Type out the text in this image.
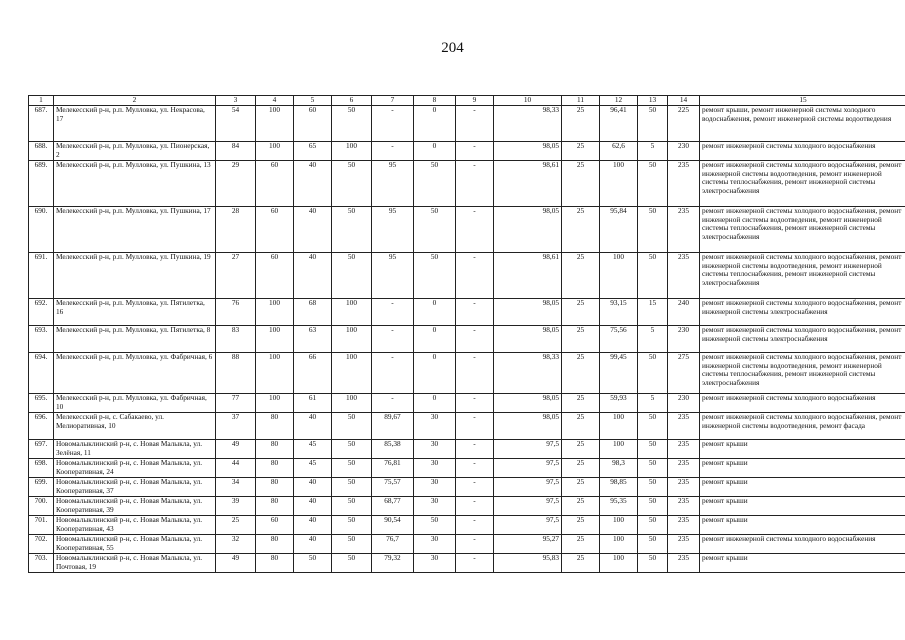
204
1	2	3	4	5	6	7	8	9	10	11	12	13	14	15
687.	Мелекесский р-н, р.п. Мулловка, ул. Некрасова, 17	54	100	60	50	-	0	-	98,33	25	96,41	50	225	ремонт крыши, ремонт инженерной системы холодного водоснабжения, ремонт инженерной системы водоотведения
688.	Мелекесский р-н, р.п. Мулловка, ул. Пионерская, 2	84	100	65	100	-	0	-	98,05	25	62,6	5	230	ремонт инженерной системы холодного водоснабжения
689.	Мелекесский р-н, р.п. Мулловка, ул. Пушкина, 13	29	60	40	50	95	50	-	98,61	25	100	50	235	ремонт инженерной системы холодного водоснабжения, ремонт инженерной системы водоотведения, ремонт инженерной системы теплоснабжения, ремонт инженерной системы электроснабжения
690.	Мелекесский р-н, р.п. Мулловка, ул. Пушкина, 17	28	60	40	50	95	50	-	98,05	25	95,84	50	235	ремонт инженерной системы холодного водоснабжения, ремонт инженерной системы водоотведения, ремонт инженерной системы теплоснабжения, ремонт инженерной системы электроснабжения
691.	Мелекесский р-н, р.п. Мулловка, ул. Пушкина, 19	27	60	40	50	95	50	-	98,61	25	100	50	235	ремонт инженерной системы холодного водоснабжения, ремонт инженерной системы водоотведения, ремонт инженерной системы теплоснабжения, ремонт инженерной системы электроснабжения
692.	Мелекесский р-н, р.п. Мулловка, ул. Пятилетка, 16	76	100	68	100	-	0	-	98,05	25	93,15	15	240	ремонт инженерной системы холодного водоснабжения, ремонт инженерной системы электроснабжения
693.	Мелекесский р-н, р.п. Мулловка, ул. Пятилетка, 8	83	100	63	100	-	0	-	98,05	25	75,56	5	230	ремонт инженерной системы холодного водоснабжения, ремонт инженерной системы электроснабжения
694.	Мелекесский р-н, р.п. Мулловка, ул. Фабричная, 6	88	100	66	100	-	0	-	98,33	25	99,45	50	275	ремонт инженерной системы холодного водоснабжения, ремонт инженерной системы водоотведения, ремонт инженерной системы теплоснабжения, ремонт инженерной системы электроснабжения
695.	Мелекесский р-н, р.п. Мулловка, ул. Фабричная, 10	77	100	61	100	-	0	-	98,05	25	59,93	5	230	ремонт инженерной системы холодного водоснабжения
696.	Мелекесский р-н, с. Сабакаево, ул. Мелиоративная, 10	37	80	40	50	89,67	30	-	98,05	25	100	50	235	ремонт инженерной системы холодного водоснабжения, ремонт инженерной системы водоотведения, ремонт фасада
697.	Новомалыклинский р-н, с. Новая Малыкла, ул. Зелёная, 11	49	80	45	50	85,38	30	-	97,5	25	100	50	235	ремонт крыши
698.	Новомалыклинский р-н, с. Новая Малыкла, ул. Кооперативная, 24	44	80	45	50	76,81	30	-	97,5	25	98,3	50	235	ремонт крыши
699.	Новомалыклинский р-н, с. Новая Малыкла, ул. Кооперативная, 37	34	80	40	50	75,57	30	-	97,5	25	98,85	50	235	ремонт крыши
700.	Новомалыклинский р-н, с. Новая Малыкла, ул. Кооперативная, 39	39	80	40	50	68,77	30	-	97,5	25	95,35	50	235	ремонт крыши
701.	Новомалыклинский р-н, с. Новая Малыкла, ул. Кооперативная, 43	25	60	40	50	90,54	50	-	97,5	25	100	50	235	ремонт крыши
702.	Новомалыклинский р-н, с. Новая Малыкла, ул. Кооперативная, 55	32	80	40	50	76,7	30	-	95,27	25	100	50	235	ремонт инженерной системы холодного водоснабжения
703.	Новомалыклинский р-н, с. Новая Малыкла, ул. Почтовая, 19	49	80	50	50	79,32	30	-	95,83	25	100	50	235	ремонт крыши
